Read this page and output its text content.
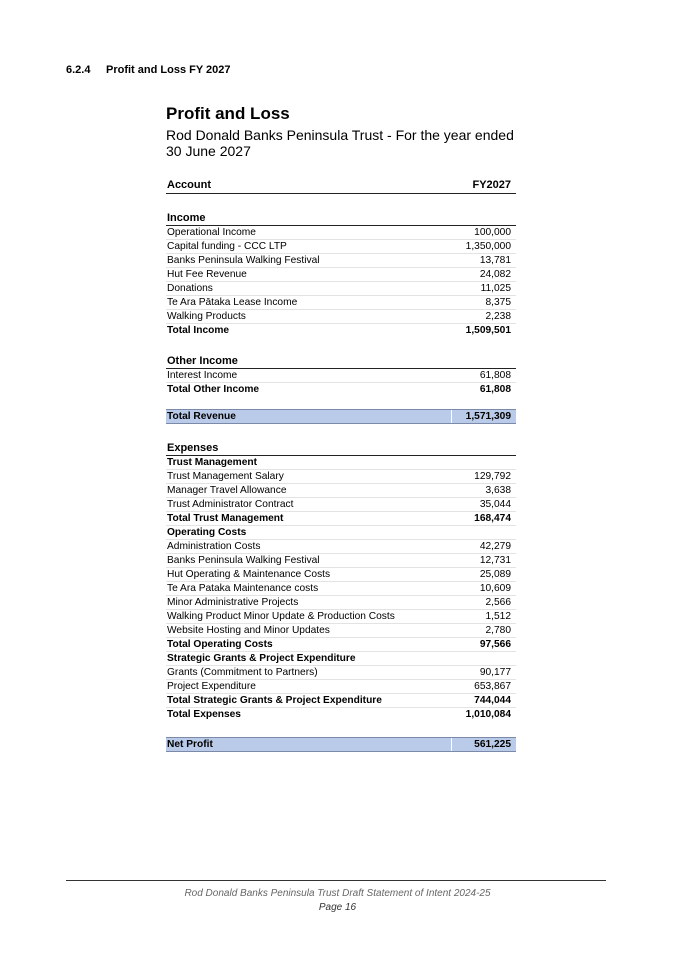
6.2.4 Profit and Loss FY 2027
Profit and Loss
Rod Donald Banks Peninsula Trust - For the year ended
30 June 2027
Account	FY2027

Income	
Operational Income	100,000
Capital funding - CCC LTP	1,350,000
Banks Peninsula Walking Festival	13,781
Hut Fee Revenue	24,082
Donations	11,025
Te Ara Pātaka Lease Income	8,375
Walking Products	2,238
Total Income	1,509,501

Other Income	
Interest Income	61,808
Total Other Income	61,808

Total Revenue	1,571,309

Expenses	
Trust Management	
Trust Management Salary	129,792
Manager Travel Allowance	3,638
Trust Administrator Contract	35,044
Total Trust Management	168,474
Operating Costs	
Administration Costs	42,279
Banks Peninsula Walking Festival	12,731
Hut Operating & Maintenance Costs	25,089
Te Ara Pataka Maintenance costs	10,609
Minor Administrative Projects	2,566
Walking Product Minor Update & Production Costs	1,512
Website Hosting and Minor Updates	2,780
Total Operating Costs	97,566
Strategic Grants & Project Expenditure	
Grants (Commitment to Partners)	90,177
Project Expenditure	653,867
Total Strategic Grants & Project Expenditure	744,044
Total Expenses	1,010,084

Net Profit	561,225
Rod Donald Banks Peninsula Trust Draft Statement of Intent 2024-25
Page 16
